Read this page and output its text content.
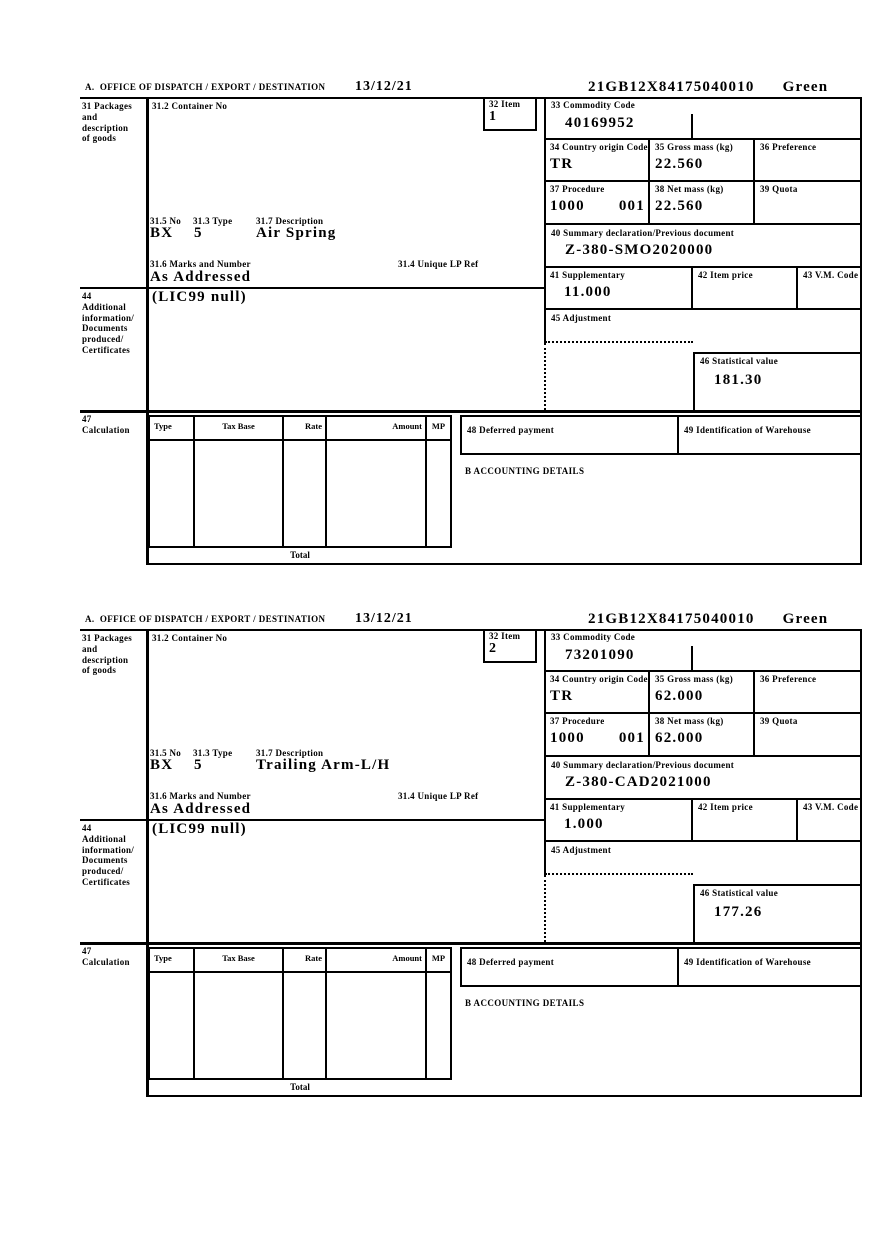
A.  OFFICE OF DISPATCH / EXPORT / DESTINATION 13/12/21	21GB12X84175040010 Green
31 Packages
and
description
of goods
44
Additional
information/
Documents
produced/
Certificates
47
Calculation
31.2 Container No	32 Item
1
31.5 No 31.3 Type	31.7 Description
BX 5	Air Spring
31.6 Marks and Number	31.4 Unique LP Ref
As Addressed
(LIC99 null)
33 Commodity Code
40169952
34 Country origin Code
TR
35 Gross mass (kg)
22.560
36 Preference
37 Procedure
1000 001
38 Net mass (kg)
22.560
39 Quota
40 Summary declaration/Previous document
Z-380-SMO2020000
41 Supplementary
11.000
42 Item price	43 V.M. Code
45 Adjustment
46 Statistical value
181.30
Type	Tax Base	Rate	Amount	MP	48 Deferred payment	49 Identification of Warehouse
B ACCOUNTING DETAILS
Total
A.  OFFICE OF DISPATCH / EXPORT / DESTINATION 13/12/21	21GB12X84175040010 Green
31 Packages
and
description
of goods
44
Additional
information/
Documents
produced/
Certificates
47
Calculation
31.2 Container No	32 Item
2
31.5 No 31.3 Type	31.7 Description
BX 5	Trailing Arm-L/H
31.6 Marks and Number	31.4 Unique LP Ref
As Addressed
(LIC99 null)
33 Commodity Code
73201090
34 Country origin Code
TR
35 Gross mass (kg)
62.000
36 Preference
37 Procedure
1000 001
38 Net mass (kg)
62.000
39 Quota
40 Summary declaration/Previous document
Z-380-CAD2021000
41 Supplementary
1.000
42 Item price	43 V.M. Code
45 Adjustment
46 Statistical value
177.26
Type	Tax Base	Rate	Amount	MP	48 Deferred payment	49 Identification of Warehouse
B ACCOUNTING DETAILS
Total
